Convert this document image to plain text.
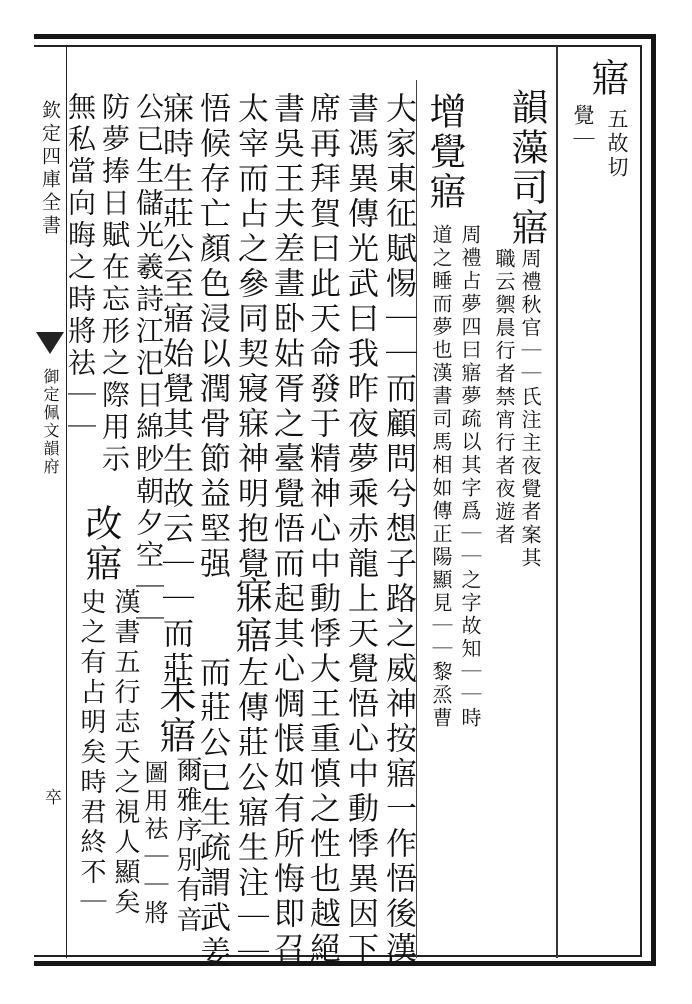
欽定四庫全書
御定佩文韻府
卒
寤
五故切
覺｜
韻藻司寤
周禮秋官｜｜氏注主夜覺者案其
職云禦晨行者禁宵行者夜遊者
增覺寤
周禮占夢四曰寤夢疏以其字爲｜｜之字故知｜｜時
道之睡而夢也漢書司馬相如傳正陽顯見｜｜黎烝曹
大家東征賦惕｜｜而顧問兮想子路之威神按寤一作悟後漢
書馮異傳光武曰我昨夜夢乘赤龍上天覺悟心中動悸異因下
席再拜賀曰此天命發于精神心中動悸大王重慎之性也越絕
書吳王夫差晝卧姑胥之臺覺悟而起其心惆悵如有所悔即召
太宰而占之參同契寢寐神明抱覺
寐寤
左傳莊公寤生注｜｜
悟候存亡顏色浸以潤骨節益堅强
而莊公已生疏謂武姜
寐時生莊公至寤始覺其生故云｜｜而莊
未寤
爾雅序別有音
公已生儲光羲詩江汜日綿眇朝夕空｜｜
圖用祛｜｜將
防夢捧日賦在忘形之際用示
改寤
漢書五行志天之視人顯矣
無私當向晦之時將祛｜｜
史之有占明矣時君終不｜
